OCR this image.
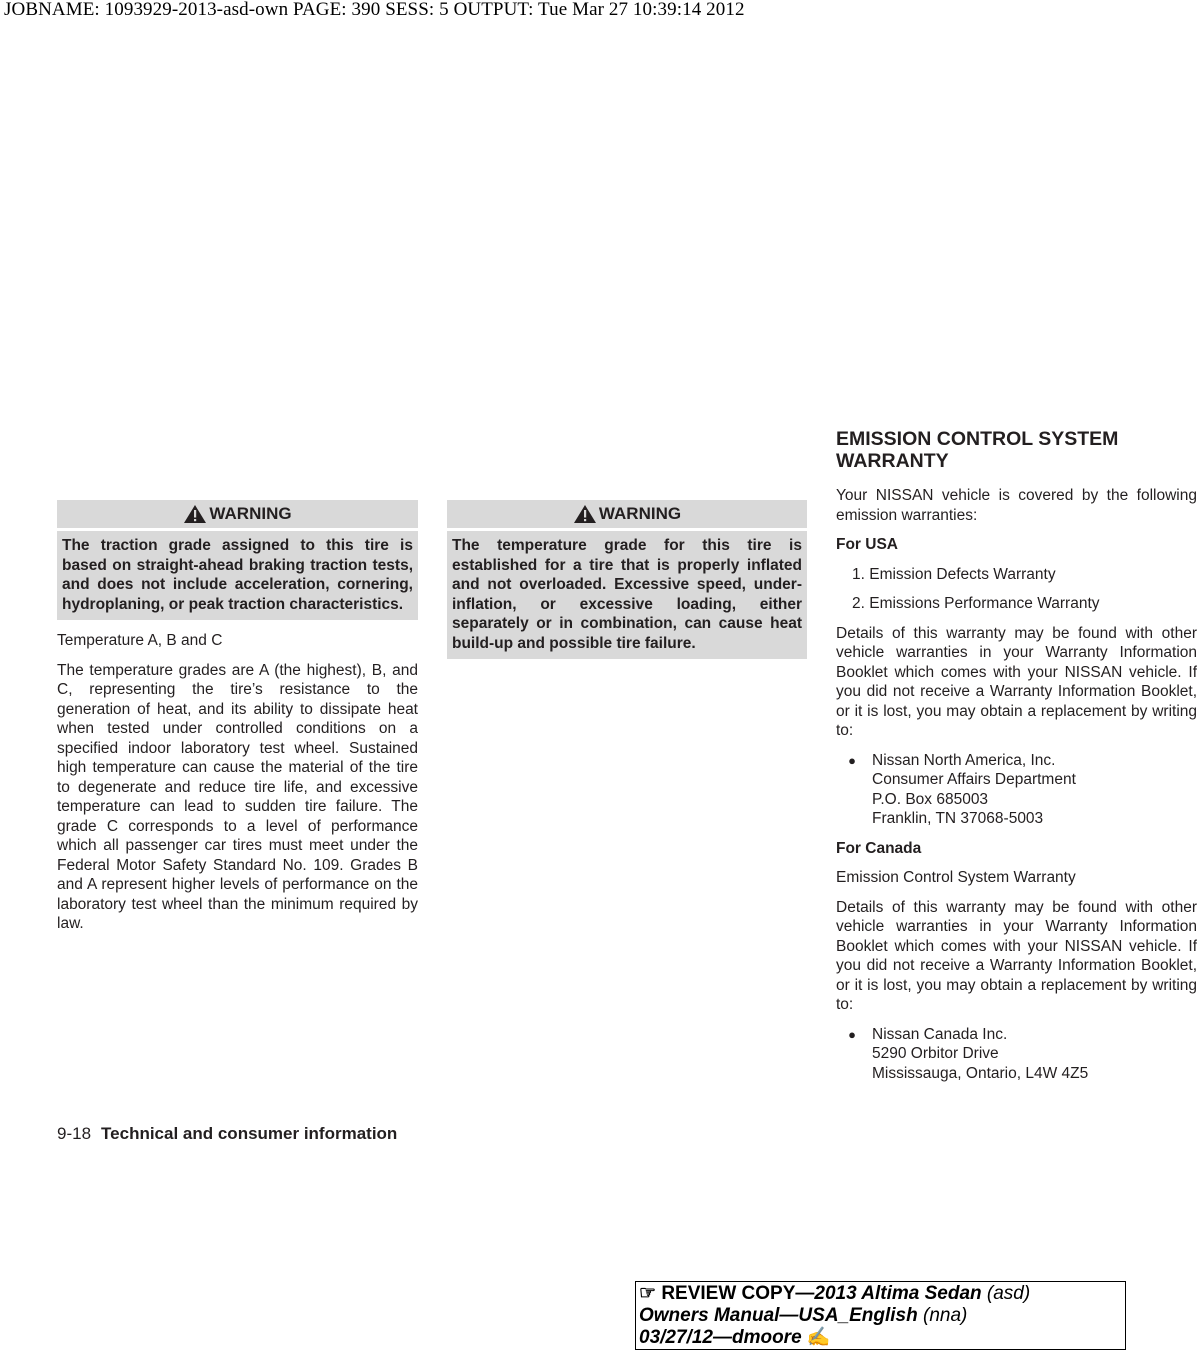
JOBNAME: 1093929-2013-asd-own PAGE: 390 SESS: 5 OUTPUT: Tue Mar 27 10:39:14 2012
WARNING
The traction grade assigned to this tire is based on straight-ahead braking traction tests, and does not include acceleration, cornering, hydroplaning, or peak traction characteristics.

Temperature A, B and C

The temperature grades are A (the highest), B, and C, representing the tire’s resistance to the generation of heat, and its ability to dissipate heat when tested under controlled conditions on a specified indoor laboratory test wheel. Sustained high temperature can cause the material of the tire to degenerate and reduce tire life, and excessive temperature can lead to sudden tire failure. The grade C corresponds to a level of performance which all passenger car tires must meet under the Federal Motor Safety Standard No. 109. Grades B and A represent higher levels of performance on the laboratory test wheel than the minimum required by law.

WARNING
The temperature grade for this tire is established for a tire that is properly inflated and not overloaded. Excessive speed, under-inflation, or excessive loading, either separately or in combination, can cause heat build-up and possible tire failure.
EMISSION CONTROL SYSTEM
WARRANTY

Your NISSAN vehicle is covered by the following emission warranties:

For USA
1. Emission Defects Warranty
2. Emissions Performance Warranty

Details of this warranty may be found with other vehicle warranties in your Warranty Information Booklet which comes with your NISSAN vehicle. If you did not receive a Warranty Information Booklet, or it is lost, you may obtain a replacement by writing to:

●	Nissan North America, Inc.
Consumer Affairs Department
P.O. Box 685003
Franklin, TN 37068-5003
For Canada

Emission Control System Warranty

Details of this warranty may be found with other vehicle warranties in your Warranty Information Booklet which comes with your NISSAN vehicle. If you did not receive a Warranty Information Booklet, or it is lost, you may obtain a replacement by writing to:

●	Nissan Canada Inc.
5290 Orbitor Drive
Mississauga, Ontario, L4W 4Z5
9-18 Technical and consumer information
☞ REVIEW COPY—2013 Altima Sedan (asd)
Owners Manual—USA_English (nna)
03/27/12—dmoore ✍
